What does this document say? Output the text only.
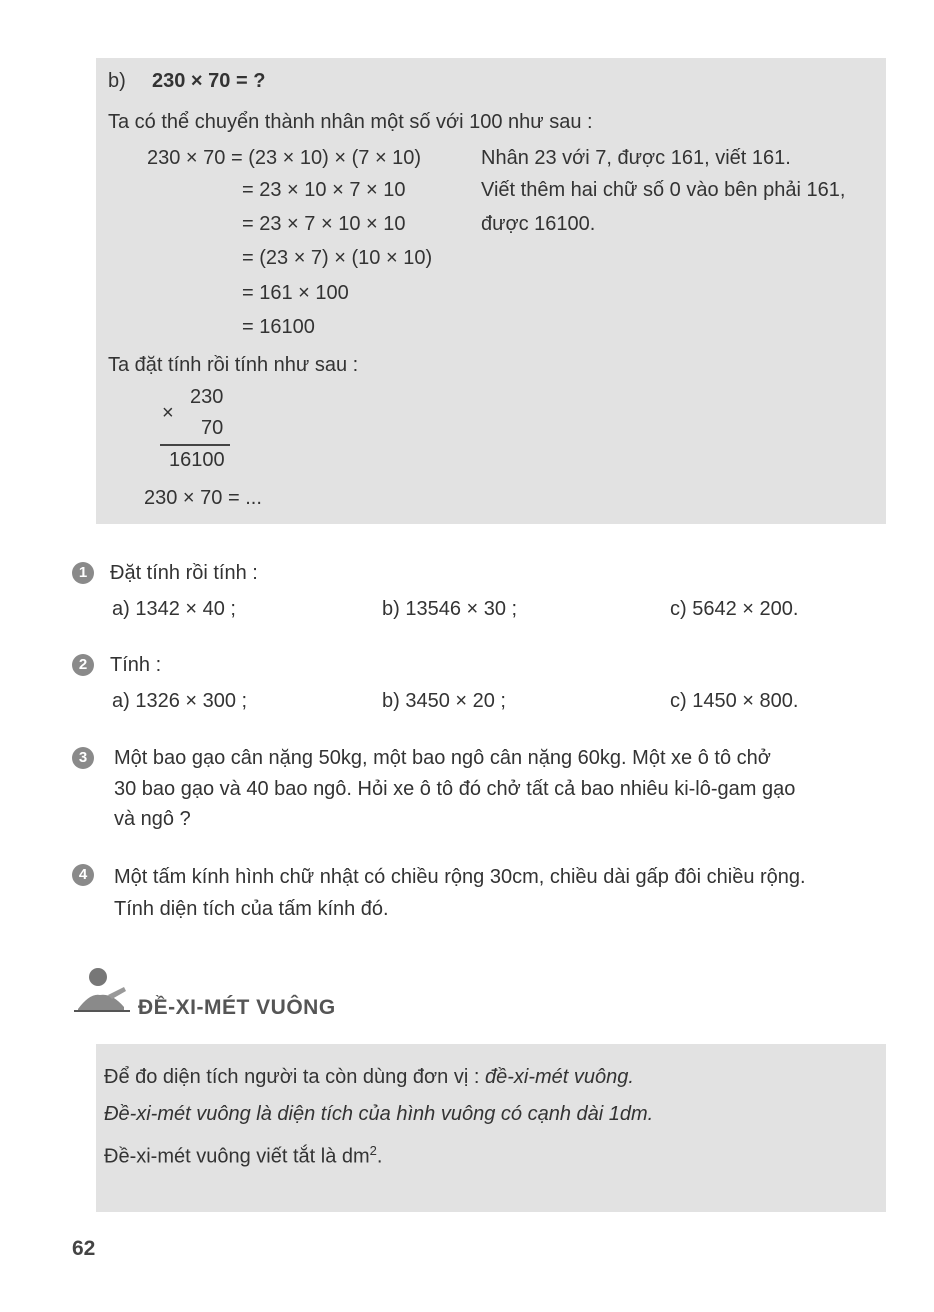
b) 230 × 70 = ?
Ta có thể chuyển thành nhân một số với 100 như sau :
230 × 70 = (23 × 10) × (7 × 10)
= 23 × 10 × 7 × 10
= 23 × 7 × 10 × 10
= (23 × 7) × (10 × 10)
= 161 × 100
= 16100
Nhân 23 với 7, được 161, viết 161.
Viết thêm hai chữ số 0 vào bên phải 161,
được 16100.
Ta đặt tính rồi tính như sau :
230
×
70
16100
230 × 70 = ...
1	Đặt tính rồi tính :
a) 1342 × 40 ;	b) 13546 × 30 ;	c) 5642 × 200.
2	Tính :
a) 1326 × 300 ;	b) 3450 × 20 ;	c) 1450 × 800.
3	Một bao gạo cân nặng 50kg, một bao ngô cân nặng 60kg. Một xe ô tô chở
30 bao gạo và 40 bao ngô. Hỏi xe ô tô đó chở tất cả bao nhiêu ki-lô-gam gạo
và ngô ?
4	Một tấm kính hình chữ nhật có chiều rộng 30cm, chiều dài gấp đôi chiều rộng.
Tính diện tích của tấm kính đó.
ĐỀ-XI-MÉT VUÔNG
Để đo diện tích người ta còn dùng đơn vị : đề-xi-mét vuông.
Đề-xi-mét vuông là diện tích của hình vuông có cạnh dài 1dm.
Đề-xi-mét vuông viết tắt là $dm^2$.
62
